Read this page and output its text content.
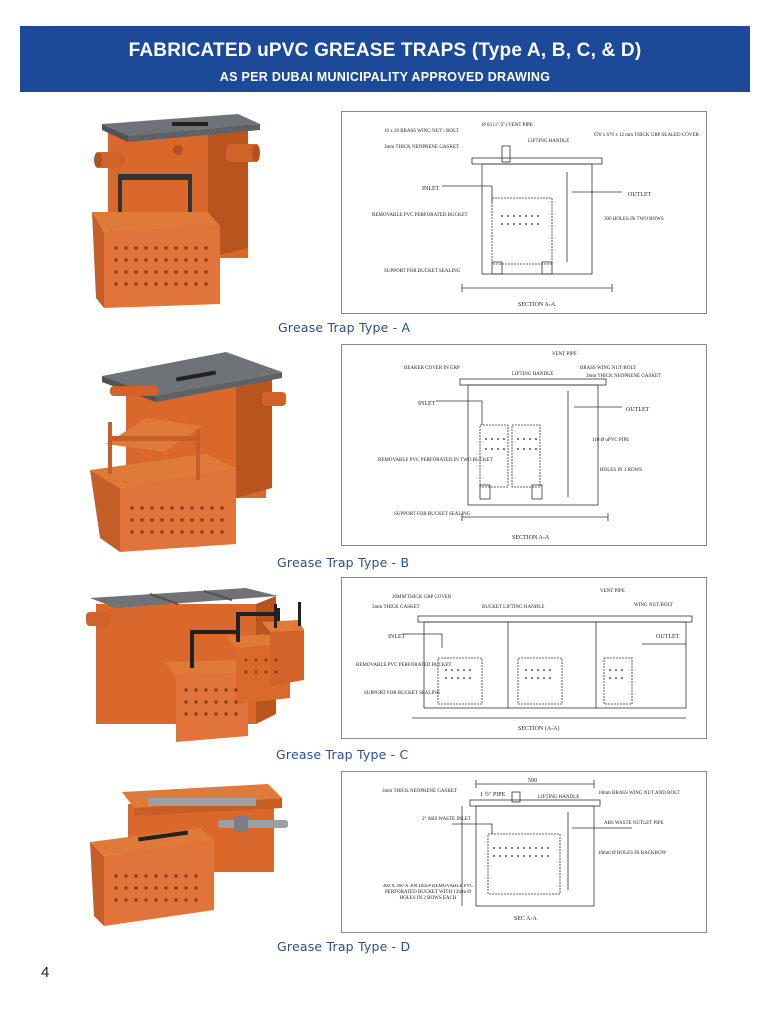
FABRICATED uPVC GREASE TRAPS (Type A, B, C, & D)
AS PER DUBAI MUNICIPALITY APPROVED DRAWING
10 x 20 BRASS WING NUT / BOLT
Ø 63 (1"/2") VENT PIPE
3mm THICK NEOPRENE GASKET
LIFTING HANDLE
670 x 670 x 12 mm THICK GRP SEALED COVER
INLET
OUTLET
REMOVABLE PVC PERFORATED BUCKET
300 HOLES IN TWO ROWS
SUPPORT FOR BUCKET SEALING
SECTION A-A
Grease Trap Type - A
VENT PIPE
BEAKER COVER IN GRP
LIFTING HANDLE
BRASS WING NUT/BOLT
3mm THICK NEOPRENE GASKET
INLET
OUTLET
110 Ø uPVC PIPE
REMOVABLE PVC PERFORATED IN TWO BUCKET
HOLES IN 3 ROWS
SUPPORT FOR BUCKET SEALING
SECTION A-A
Grease Trap Type - B
20MM THICK GRP COVER
3mm THICK GASKET	BUCKET LIFTING HANDLE
VENT PIPE
WING NUT/BOLT
INLET	OUTLET
REMOVABLE PVC PERFORATED BUCKET
SUPPORT FOR BUCKET SEALING
SECTION (A-A)
Grease Trap Type - C
500
3mm THICK NEOPRENE GASKET
1 ½" PIPE	LIFTING HANDLE
10mm BRASS WING NUT AND BOLT
2" ABS WASTE INLET
ABS WASTE OUTLET PIPE
10mm Ø HOLES IN BACKROW
360 X 360 X 300 DEEP REMOVABLE PVC PERFORATED BUCKET WITH 12mm Ø HOLES IN 2 ROWS EACH
SEC A-A
Grease Trap Type - D
4
